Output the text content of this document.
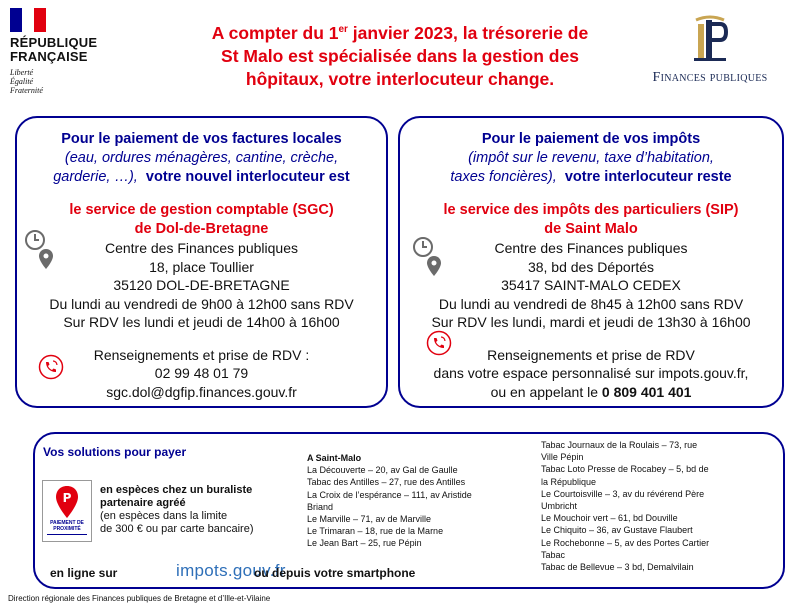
RÉPUBLIQUE
FRANÇAISE
Liberté
Égalité
Fraternité
A compter du 1er janvier 2023, la trésorerie de
St Malo est spécialisée dans la gestion des
hôpitaux, votre interlocuteur change.	Finances publiques
Pour le paiement de vos factures locales
(eau, ordures ménagères, cantine, crèche,
garderie, …), votre nouvel interlocuteur est
le service de gestion comptable (SGC)
de Dol-de-Bretagne
Centre des Finances publiques
18, place Toullier
35120 DOL-DE-BRETAGNE
Du lundi au vendredi de 9h00 à 12h00 sans RDV
Sur RDV les lundi et jeudi de 14h00 à 16h00
Renseignements et prise de RDV :
02 99 48 01 79
sgc.dol@dgfip.finances.gouv.fr
Pour le paiement de vos impôts
(impôt sur le revenu, taxe d’habitation,
taxes foncières), votre interlocuteur reste
le service des impôts des particuliers (SIP)
de Saint Malo
Centre des Finances publiques
38, bd des Déportés
35417 SAINT-MALO CEDEX
Du lundi au vendredi de 8h45 à 12h00 sans RDV
Sur RDV les lundi, mardi et jeudi de 13h30 à 16h00
Renseignements et prise de RDV
dans votre espace personnalisé sur impots.gouv.fr,
ou en appelant le 0 809 401 401
Vos solutions pour payer
P
PAIEMENT DE
PROXIMITÉ
en espèces chez un buraliste
partenaire agréé
(en espèces dans la limite
de 300 € ou par carte bancaire)
en ligne sur	impots.gouv.fr
ou depuis votre smartphone
A Saint-Malo
La Découverte – 20, av Gal de Gaulle
Tabac des Antilles – 27, rue des Antilles
La Croix de l’espérance – 111, av Aristide
Briand
Le Marville – 71, av de Marville
Le Trimaran – 18, rue de la Marne
Le Jean Bart – 25, rue Pépin
Tabac Journaux de la Roulais – 73, rue
Ville Pépin
Tabac Loto Presse de Rocabey – 5, bd de
la République
Le Courtoisville – 3, av du révérend Père
Umbricht
Le Mouchoir vert – 61, bd Douville
Le Chiquito – 36, av Gustave Flaubert
Le Rochebonne – 5, av des Portes Cartier
Tabac
Tabac de Bellevue – 3 bd, Demalvilain
Direction régionale des Finances publiques de Bretagne et d’Ille-et-Vilaine
